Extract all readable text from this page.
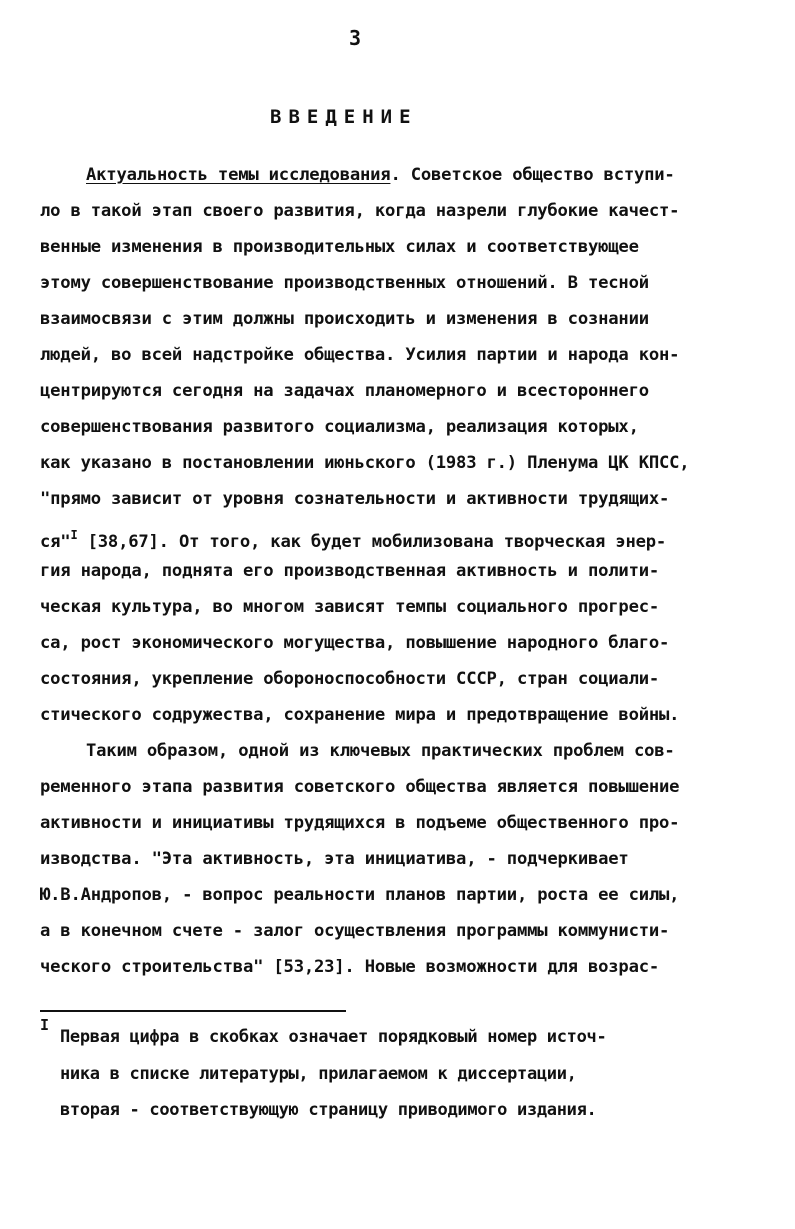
3
ВВЕДЕНИЕ
Актуальность темы исследования. Советское общество вступи-
ло в такой этап своего развития, когда назрели глубокие качест-
венные изменения в производительных силах и соответствующее
этому совершенствование производственных отношений. В тесной
взаимосвязи с этим должны происходить и изменения в сознании
людей, во всей надстройке общества. Усилия партии и народа кон-
центрируются сегодня на задачах планомерного и всестороннего
совершенствования развитого социализма, реализация которых,
как указано в постановлении июньского (1983 г.) Пленума ЦК КПСС,
"прямо зависит от уровня сознательности и активности трудящих-
ся"$^I$ [38,67]. От того, как будет мобилизована творческая энер-
гия народа, поднята его производственная активность и полити-
ческая культура, во многом зависят темпы социального прогрес-
са, рост экономического могущества, повышение народного благо-
состояния, укрепление обороноспособности СССР, стран социали-
стического содружества, сохранение мира и предотвращение войны.
Таким образом, одной из ключевых практических проблем сов-
ременного этапа развития советского общества является повышение
активности и инициативы трудящихся в подъеме общественного про-
изводства. "Эта активность, эта инициатива, - подчеркивает
Ю.В.Андропов, - вопрос реальности планов партии, роста ее силы,
а в конечном счете - залог осуществления программы коммунисти-
ческого строительства" [53,23]. Новые возможности для возрас-
I
Первая цифра в скобках означает порядковый номер источ-
ника в списке литературы, прилагаемом к диссертации,
вторая - соответствующую страницу приводимого издания.
